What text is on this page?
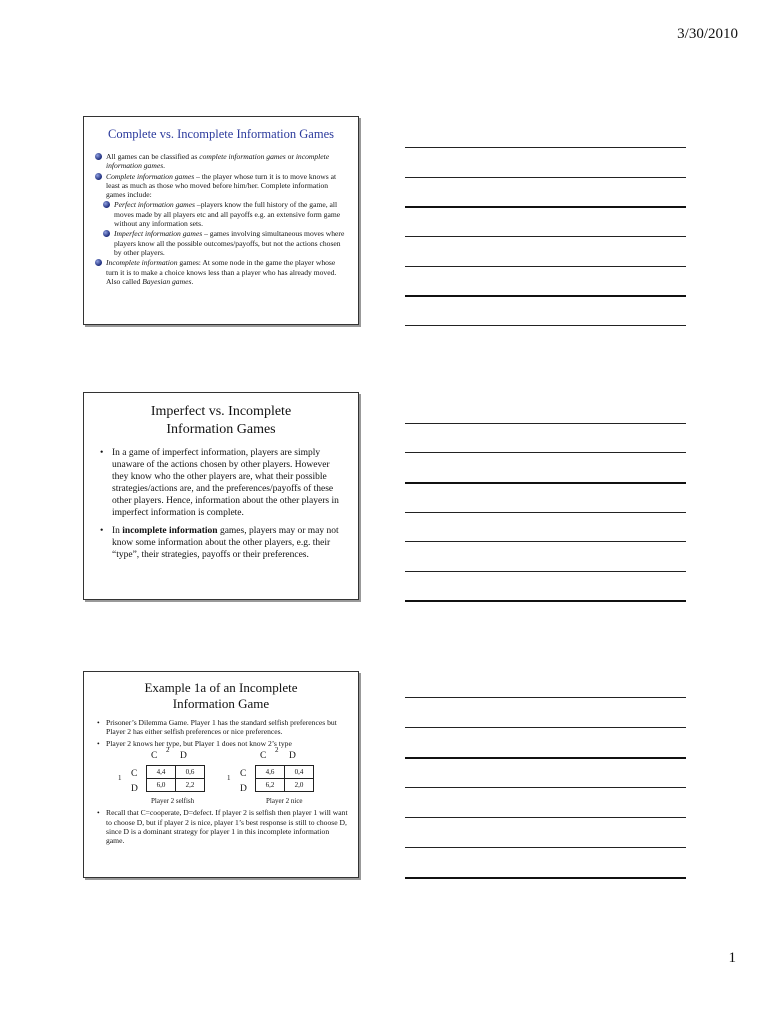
3/30/2010
Complete vs. Incomplete Information Games
All games can be classified as complete information games or incomplete information games.
Complete information games – the player whose turn it is to move knows at least as much as those who moved before him/her. Complete information games include:
Perfect information games –players know the full history of the game, all moves made by all players etc and all payoffs e.g. an extensive form game without any information sets.
Imperfect information games – games involving simultaneous moves where players know all the possible outcomes/payoffs, but not the actions chosen by other players.
Incomplete information games: At some node in the game the player whose turn it is to make a choice knows less than a player who has already moved. Also called Bayesian games.
Imperfect vs. Incomplete
Information Games
• In a game of imperfect information, players are simply unaware of the actions chosen by other players. However they know who the other players are, what their possible strategies/actions are, and the preferences/payoffs of these other players. Hence, information about the other players in imperfect information is complete.
• In incomplete information games, players may or may not know some information about the other players, e.g. their “type”, their strategies, payoffs or their preferences.
Example 1a of an Incomplete
Information Game
• Prisoner’s Dilemma Game. Player 1 has the standard selfish preferences but Player 2 has either selfish preferences or nice preferences.
• Player 2 knows her type, but Player 1 does not know 2’s type
2
C D
1 C
D
4,4	0,6
6,0	2,2
Player 2 selfish
2
C D
1 C
D
4,6	0,4
6,2	2,0
Player 2 nice
• Recall that C=cooperate, D=defect. If player 2 is selfish then player 1 will want to choose D, but if player 2 is nice, player 1’s best response is still to choose D, since D is a dominant strategy for player 1 in this incomplete information game.
1
